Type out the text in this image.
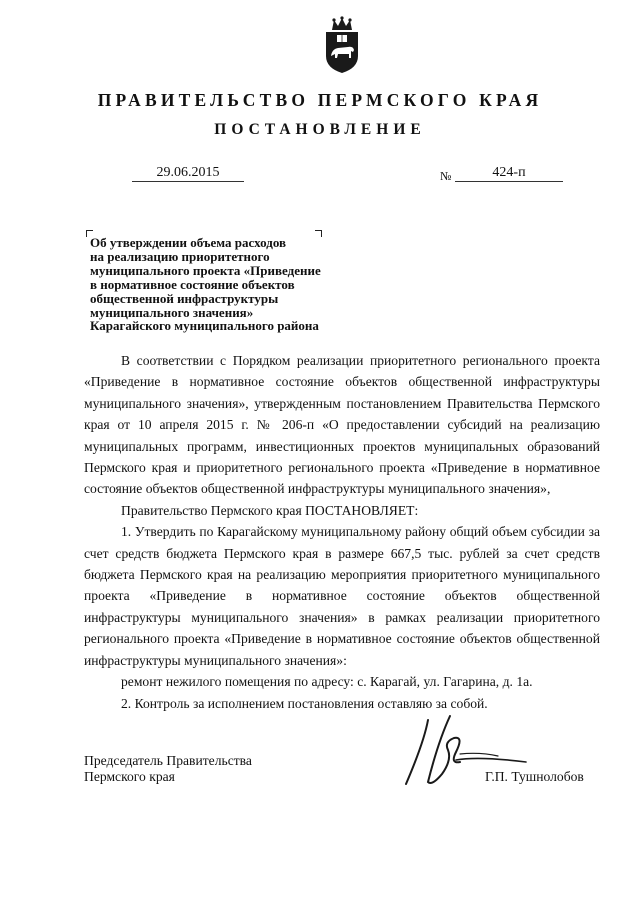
ПРАВИТЕЛЬСТВО ПЕРМСКОГО КРАЯ
ПОСТАНОВЛЕНИЕ
29.06.2015	№	424-п
Об утверждении объема расходов
на реализацию приоритетного
муниципального проекта «Приведение
в нормативное состояние объектов
общественной инфраструктуры
муниципального значения»
Карагайского муниципального района

В соответствии с Порядком реализации приоритетного регионального проекта «Приведение в нормативное состояние объектов общественной инфраструктуры муниципального значения», утвержденным постановлением Правительства Пермского края от 10 апреля 2015 г. № 206-п «О предоставлении субсидий на реализацию муниципальных программ, инвестиционных проектов муниципальных образований Пермского края и приоритетного регионального проекта «Приведение в нормативное состояние объектов общественной инфраструктуры муниципального значения»,

Правительство Пермского края ПОСТАНОВЛЯЕТ:

1. Утвердить по Карагайскому муниципальному району общий объем субсидии за счет средств бюджета Пермского края в размере 667,5 тыс. рублей за счет средств бюджета Пермского края на реализацию мероприятия приоритетного муниципального проекта «Приведение в нормативное состояние объектов общественной инфраструктуры муниципального значения» в рамках реализации приоритетного регионального проекта «Приведение в нормативное состояние объектов общественной инфраструктуры муниципального значения»:

ремонт нежилого помещения по адресу: с. Карагай, ул. Гагарина, д. 1а.

2. Контроль за исполнением постановления оставляю за собой.

Председатель Правительства
Пермского края	Г.П. Тушнолобов
